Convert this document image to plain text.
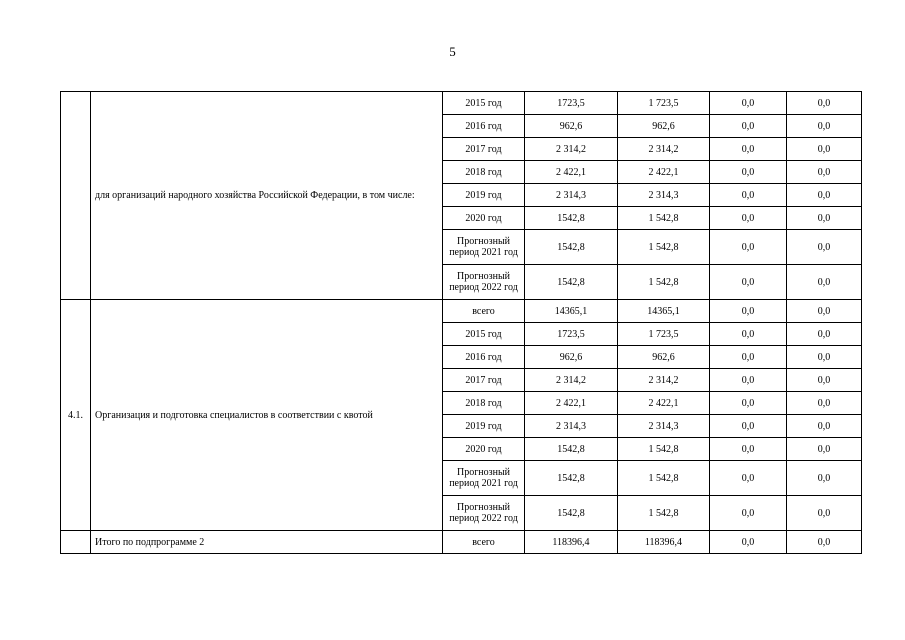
5
	для организаций народного хозяйства Российской Федерации, в том числе:	2015 год	1723,5	1 723,5	0,0	0,0
		2016 год	962,6	962,6	0,0	0,0
		2017 год	2 314,2	2 314,2	0,0	0,0
		2018 год	2 422,1	2 422,1	0,0	0,0
		2019 год	2 314,3	2 314,3	0,0	0,0
		2020 год	1542,8	1 542,8	0,0	0,0
		Прогнозный период 2021 год	1542,8	1 542,8	0,0	0,0
		Прогнозный период 2022 год	1542,8	1 542,8	0,0	0,0
4.1.	Организация и подготовка специалистов в соответствии с квотой	всего	14365,1	14365,1	0,0	0,0
		2015 год	1723,5	1 723,5	0,0	0,0
		2016 год	962,6	962,6	0,0	0,0
		2017 год	2 314,2	2 314,2	0,0	0,0
		2018 год	2 422,1	2 422,1	0,0	0,0
		2019 год	2 314,3	2 314,3	0,0	0,0
		2020 год	1542,8	1 542,8	0,0	0,0
		Прогнозный период 2021 год	1542,8	1 542,8	0,0	0,0
		Прогнозный период 2022 год	1542,8	1 542,8	0,0	0,0
	Итого по подпрограмме 2	всего	118396,4	118396,4	0,0	0,0
